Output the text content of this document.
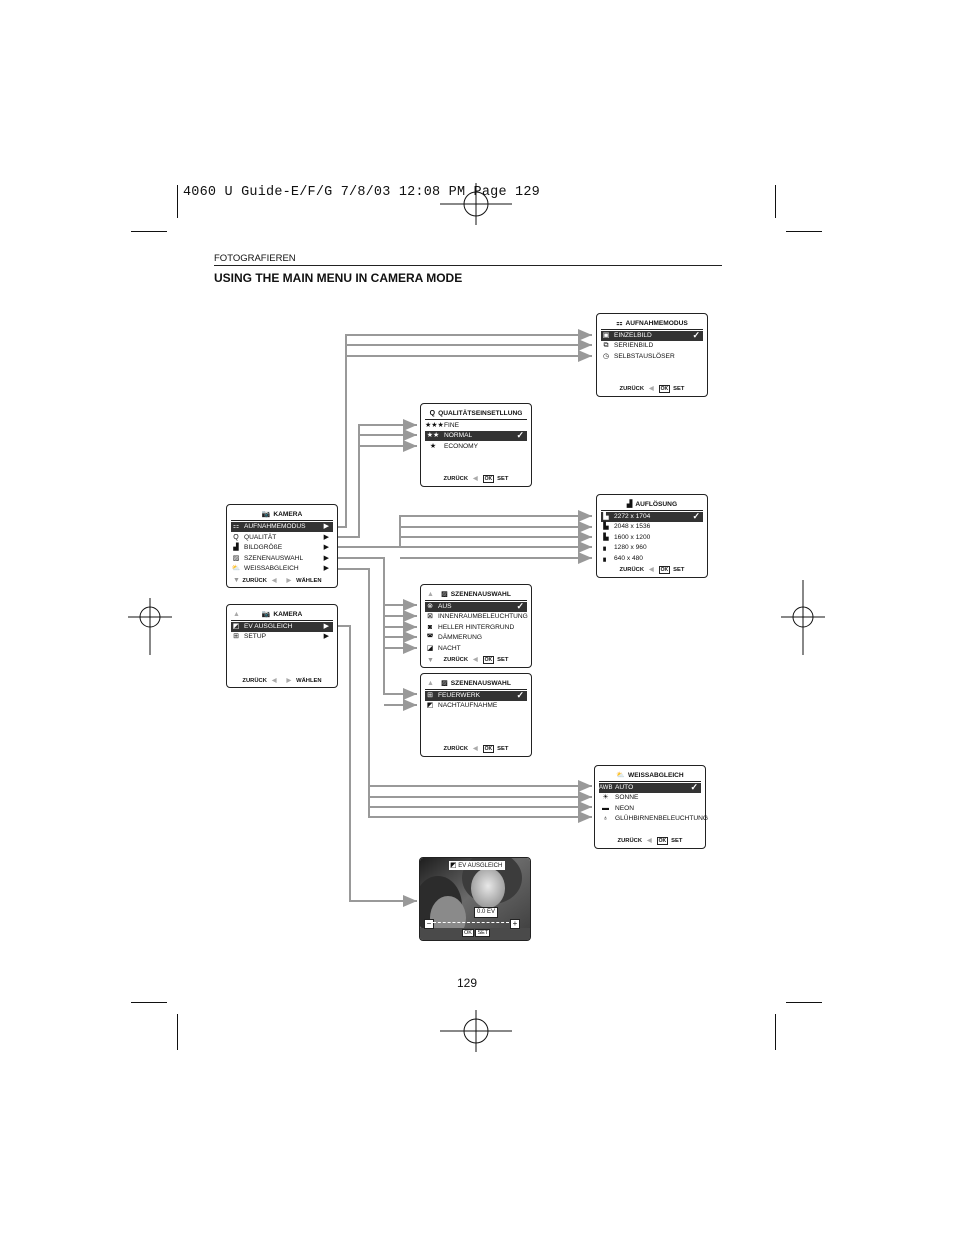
4060 U Guide-E/F/G 7/8/03 12:08 PM Page 129
FOTOGRAFIEREN
USING THE MAIN MENU IN CAMERA MODE
📷 KAMERA
⚏ AUFNAHMEMODUS	▶
Q QUALITÄT	▶
▟ BILDGRÖßE	▶
▨ SZENENAUSWAHL	▶
⛅ WEISSABGLEICH	▶
▼ ZURÜCK ◀ ▶ WÄHLEN
▲	📷 KAMERA
◩ EV AUSGLEICH	▶
⊞ SETUP	▶
ZURÜCK ◀ ▶ WÄHLEN
⚏ AUFNAHMEMODUS
▣ EINZELBILD	✓
⧉ SERIENBILD
◷ SELBSTAUSLÖSER
ZURÜCK ◀ OK SET
Q QUALITÄTSEINSETLLUNG
★★★FINE
★★ NORMAL	✓
★ ECONOMY
ZURÜCK ◀ OK SET
▟ AUFLÖSUNG
▙ 2272 x 1704	✓
▙ 2048 x 1536
▙ 1600 x 1200
▖ 1280 x 960
▖ 640 x 480
ZURÜCK ◀ OK SET
▲ ▨ SZENENAUSWAHL
⊗ AUS	✓
⊠ INNENRAUMBELEUCHTUNG
◙ HELLER HINTERGRUND
◚ DÄMMERUNG
◪ NACHT
▼	ZURÜCK ◀ OK SET
▲ ▨ SZENENAUSWAHL
⊞ FEUERWERK	✓
◩ NACHTAUFNAHME
ZURÜCK ◀ OK SET
⛅ WEISSABGLEICH
AWB AUTO	✓
☀ SONNE
▬ NEON
♁ GLÜHBIRNENBELEUCHTUNG
ZURÜCK ◀ OK SET
◩ EV AUSGLEICH
−
0.0 EV
+
OK SET
129
